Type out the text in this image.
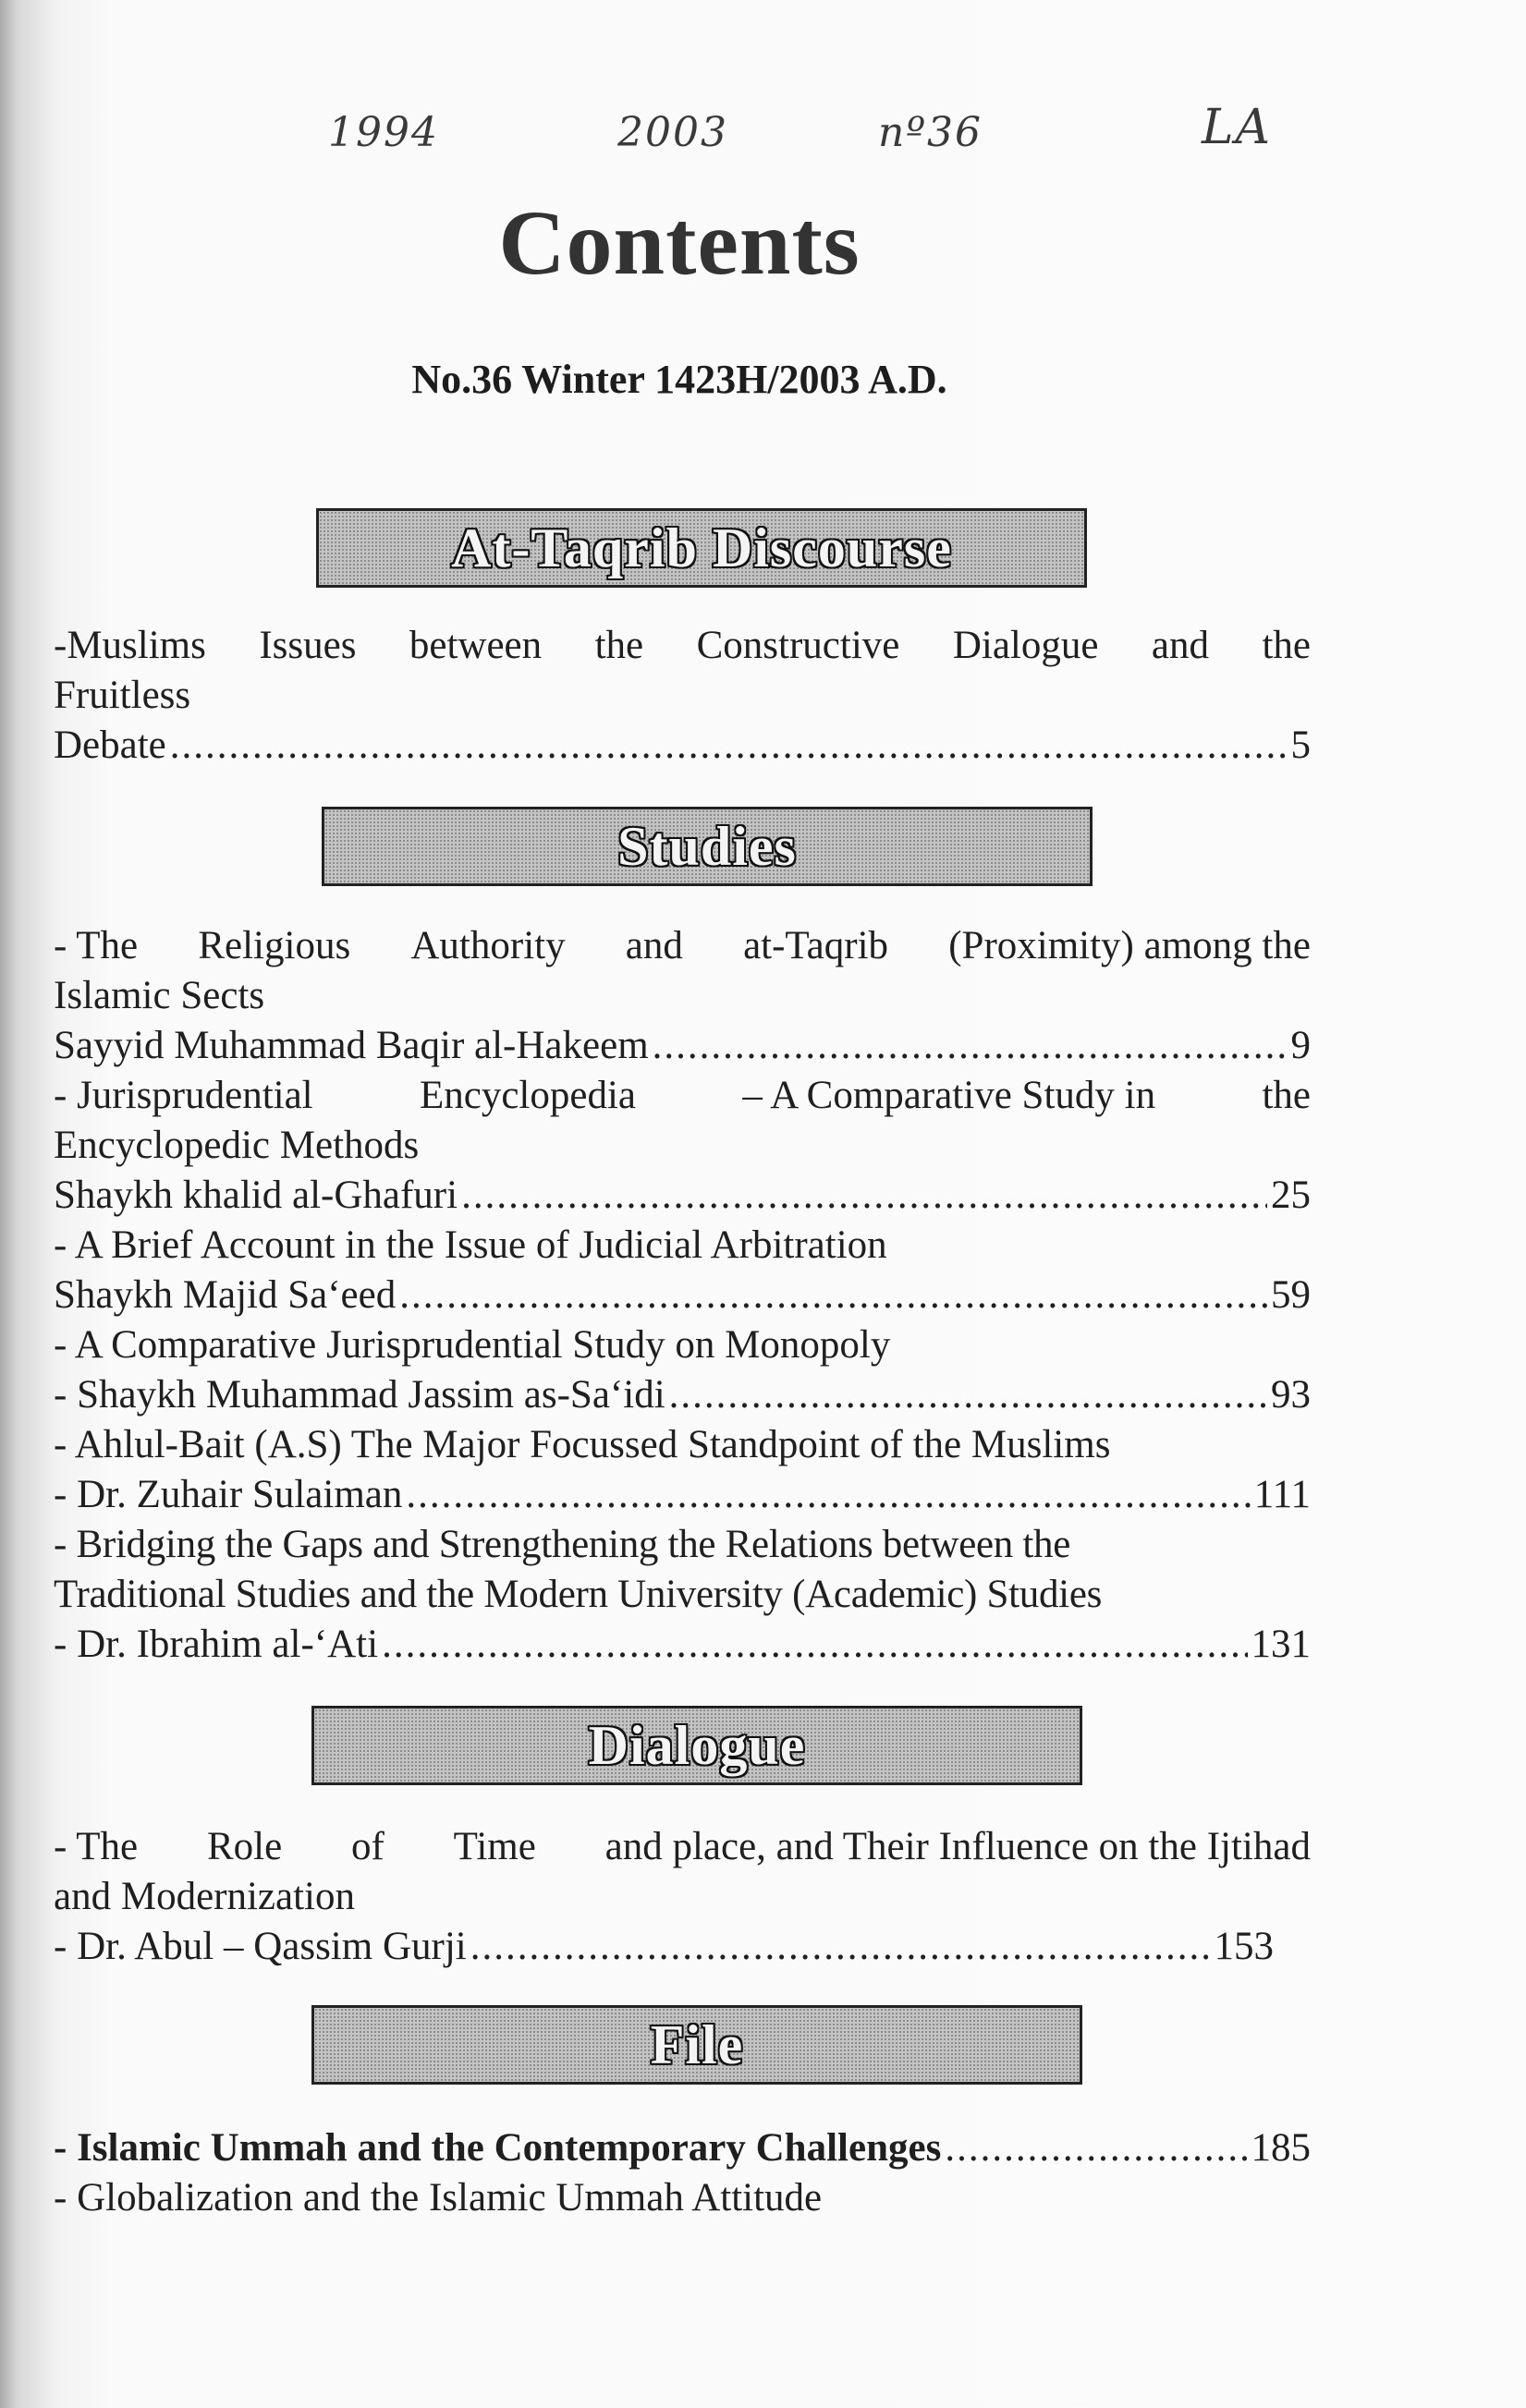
1994	2003	nº36	LA
Contents
No.36 Winter 1423H/2003 A.D.
At-Taqrib Discourse
-Muslims Issues between the Constructive Dialogue and the
Fruitless
Debate .....	5
Studies
- The Religious Authority and at-Taqrib (Proximity) among the
Islamic Sects
Sayyid Muhammad Baqir al-Hakeem .....	9
- Jurisprudential	Encyclopedia	– A Comparative Study in	the
Encyclopedic Methods
Shaykh khalid al-Ghafuri .....	25
- A Brief Account in the Issue of Judicial Arbitration
Shaykh Majid Sa‘eed .....	59
- A Comparative Jurisprudential Study on Monopoly
- Shaykh Muhammad Jassim as-Sa‘idi .....	93
- Ahlul-Bait (A.S) The Major Focussed Standpoint of the Muslims
- Dr. Zuhair Sulaiman .....	111
- Bridging the Gaps and Strengthening the Relations between the
Traditional Studies and the Modern University (Academic) Studies
- Dr. Ibrahim al-‘Ati .....	131
Dialogue
- The Role of Time and place, and Their Influence on the Ijtihad
and Modernization
- Dr. Abul – Qassim Gurji .....	153
File
- Islamic Ummah and the Contemporary Challenges .....	185
- Globalization and the Islamic Ummah Attitude
